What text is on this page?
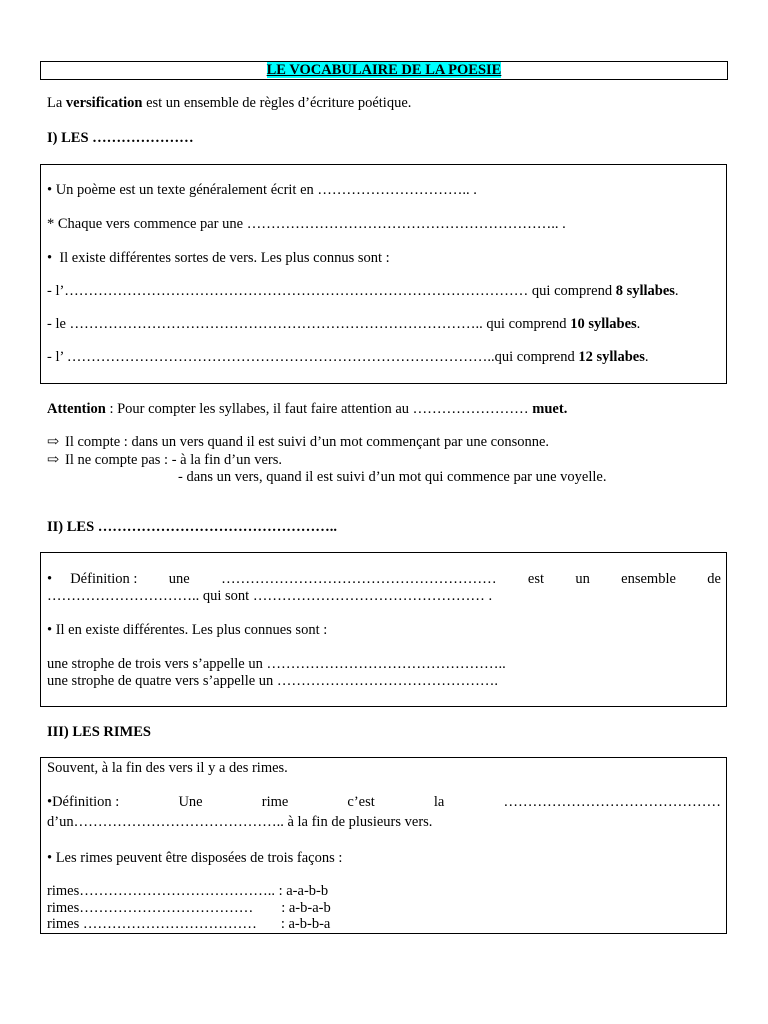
LE VOCABULAIRE DE LA POESIE
La versification est un ensemble de règles d’écriture poétique.
I) LES …………………
• Un poème est un texte généralement écrit en ………………………….. .
* Chaque vers commence par une ……………………………………………………….. .
• Il existe différentes sortes de vers. Les plus connus sont :
- l’…………………………………………………………………………………… qui comprend 8 syllabes.
- le ………………………………………………………………………….. qui comprend 10 syllabes.
- l’ ……………………………………………………………………………..qui comprend 12 syllabes.
Attention : Pour compter les syllabes, il faut faire attention au …………………… muet.
⇨ Il compte : dans un vers quand il est suivi d’un mot commençant par une consonne.
⇨ Il ne compte pas : - à la fin d’un vers.
- dans un vers, quand il est suivi d’un mot qui commence par une voyelle.
II) LES …………………………………………..
• Définition : une ………………………………………………… est un ensemble de
………………………….. qui sont ………………………………………… .
• Il en existe différentes. Les plus connues sont :
une strophe de trois vers s’appelle un …………………………………………..
une strophe de quatre vers s’appelle un ……………………………………….
III) LES RIMES
Souvent, à la fin des vers il y a des rimes.
•Définition :	Une	rime	c’est	la	………………………………………
d’un…………………………………….. à la fin de plusieurs vers.
• Les rimes peuvent être disposées de trois façons :
rimes………………………………….. : a-a-b-b
rimes……………………………… : a-b-a-b
rimes ……………………………… : a-b-b-a
